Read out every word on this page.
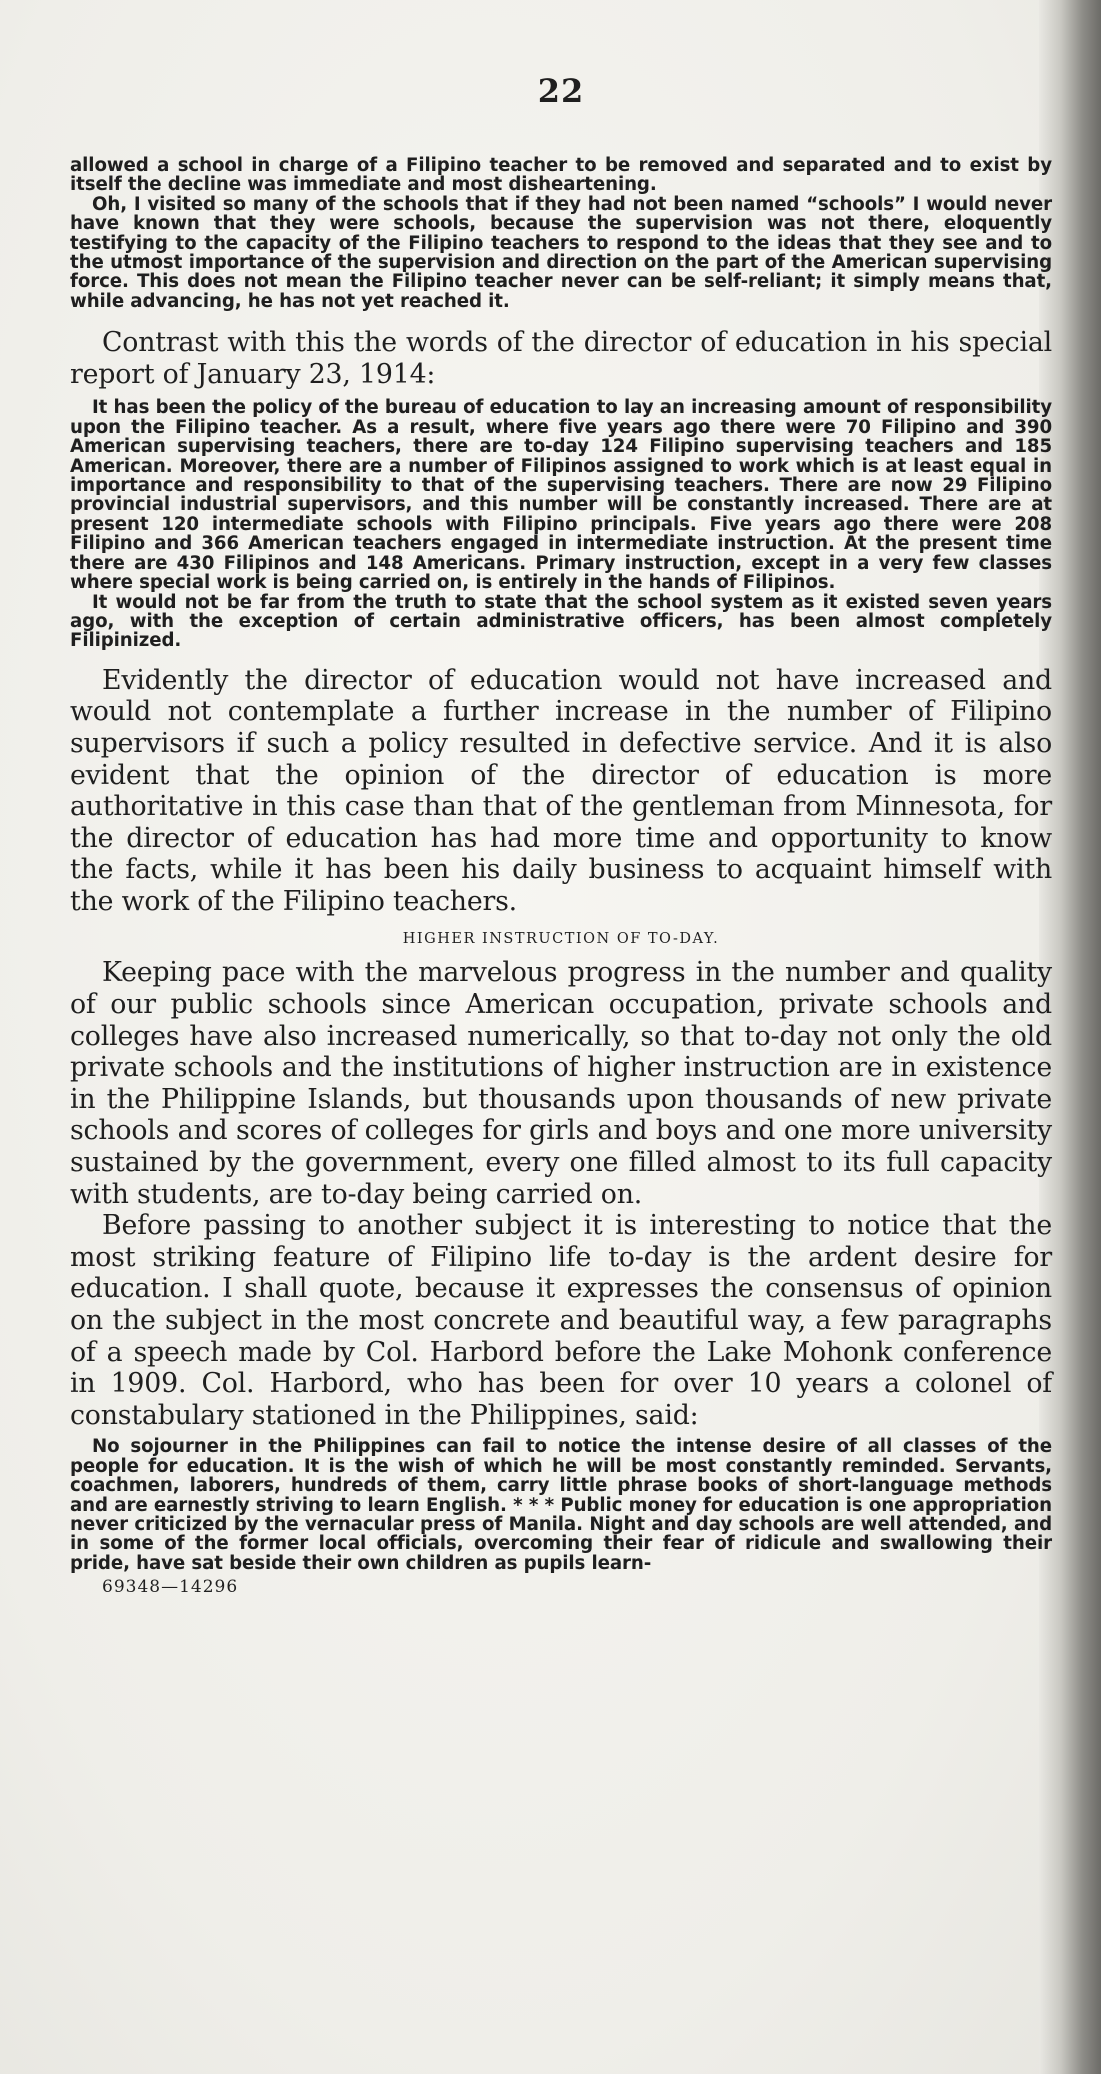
22

allowed a school in charge of a Filipino teacher to be removed and separated and to exist by itself the decline was immediate and most disheartening.

Oh, I visited so many of the schools that if they had not been named “schools” I would never have known that they were schools, because the supervision was not there, eloquently testifying to the capacity of the Filipino teachers to respond to the ideas that they see and to the utmost importance of the supervision and direction on the part of the American supervising force. This does not mean the Filipino teacher never can be self-reliant; it simply means that, while advancing, he has not yet reached it.

Contrast with this the words of the director of education in his special report of January 23, 1914:

It has been the policy of the bureau of education to lay an increasing amount of responsibility upon the Filipino teacher. As a result, where five years ago there were 70 Filipino and 390 American supervising teachers, there are to-day 124 Filipino supervising teachers and 185 American. Moreover, there are a number of Filipinos assigned to work which is at least equal in importance and responsibility to that of the supervising teachers. There are now 29 Filipino provincial industrial supervisors, and this number will be constantly increased. There are at present 120 intermediate schools with Filipino principals. Five years ago there were 208 Filipino and 366 American teachers engaged in intermediate instruction. At the present time there are 430 Filipinos and 148 Americans. Primary instruction, except in a very few classes where special work is being carried on, is entirely in the hands of Filipinos.

It would not be far from the truth to state that the school system as it existed seven years ago, with the exception of certain administrative officers, has been almost completely Filipinized.

Evidently the director of education would not have increased and would not contemplate a further increase in the number of Filipino supervisors if such a policy resulted in defective service. And it is also evident that the opinion of the director of education is more authoritative in this case than that of the gentleman from Minnesota, for the director of education has had more time and opportunity to know the facts, while it has been his daily business to acquaint himself with the work of the Filipino teachers.

HIGHER INSTRUCTION OF TO-DAY.

Keeping pace with the marvelous progress in the number and quality of our public schools since American occupation, private schools and colleges have also increased numerically, so that to-day not only the old private schools and the institutions of higher instruction are in existence in the Philippine Islands, but thousands upon thousands of new private schools and scores of colleges for girls and boys and one more university sustained by the government, every one filled almost to its full capacity with students, are to-day being carried on.

Before passing to another subject it is interesting to notice that the most striking feature of Filipino life to-day is the ardent desire for education. I shall quote, because it expresses the consensus of opinion on the subject in the most concrete and beautiful way, a few paragraphs of a speech made by Col. Harbord before the Lake Mohonk conference in 1909. Col. Harbord, who has been for over 10 years a colonel of constabulary stationed in the Philippines, said:

No sojourner in the Philippines can fail to notice the intense desire of all classes of the people for education. It is the wish of which he will be most constantly reminded. Servants, coachmen, laborers, hundreds of them, carry little phrase books of short-language methods and are earnestly striving to learn English. * * * Public money for education is one appropriation never criticized by the vernacular press of Manila. Night and day schools are well attended, and in some of the former local officials, overcoming their fear of ridicule and swallowing their pride, have sat beside their own children as pupils learn-

69348—14296
